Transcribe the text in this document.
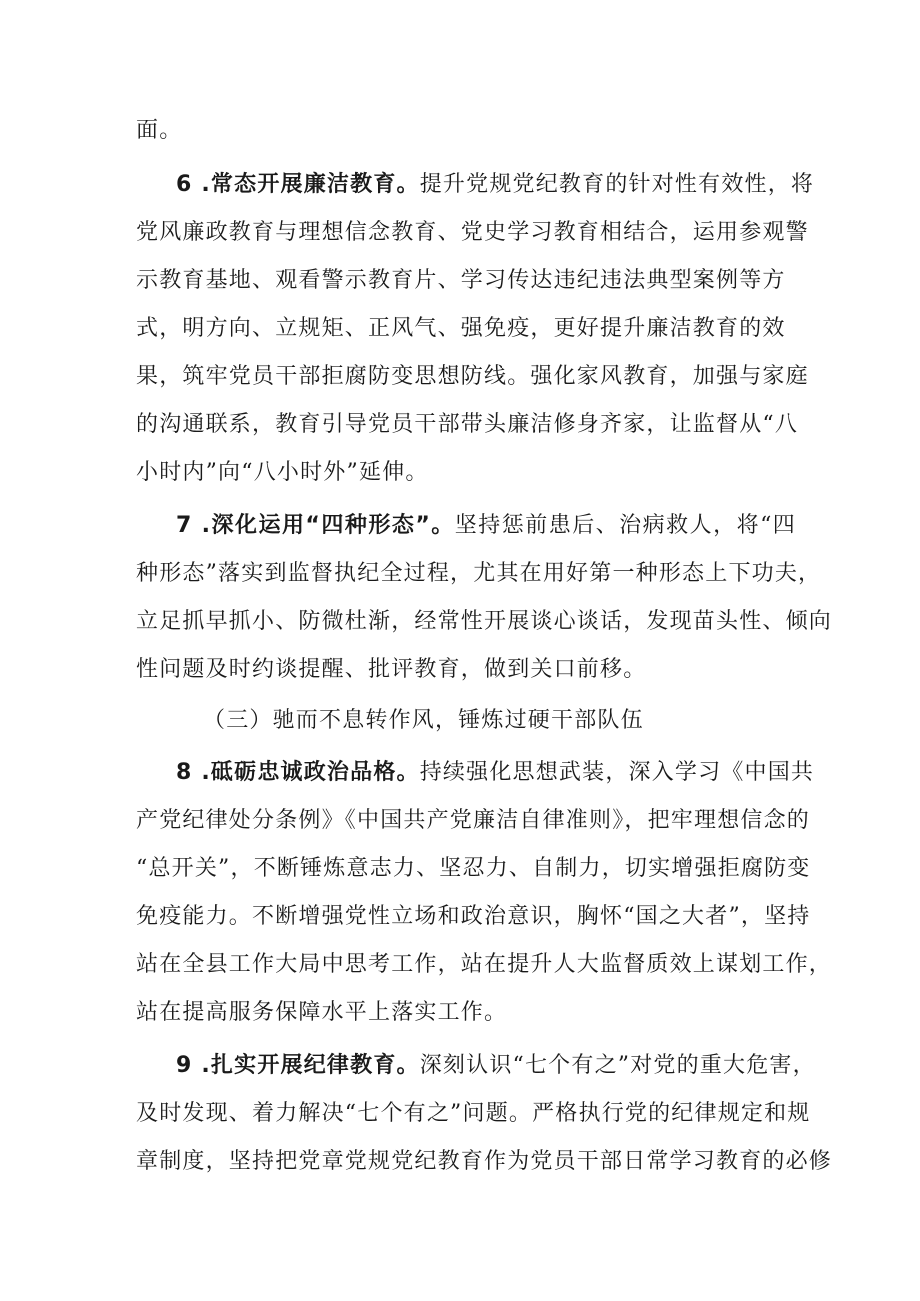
面。
6 .常态开展廉洁教育。提升党规党纪教育的针对性有效性，将
党风廉政教育与理想信念教育、党史学习教育相结合，运用参观警
示教育基地、观看警示教育片、学习传达违纪违法典型案例等方
式，明方向、立规矩、正风气、强免疫，更好提升廉洁教育的效
果，筑牢党员干部拒腐防变思想防线。强化家风教育，加强与家庭
的沟通联系，教育引导党员干部带头廉洁修身齐家，让监督从“八
小时内”向“八小时外”延伸。
7 .深化运用“四种形态”。坚持惩前患后、治病救人，将“四
种形态”落实到监督执纪全过程，尤其在用好第一种形态上下功夫，
立足抓早抓小、防微杜渐，经常性开展谈心谈话，发现苗头性、倾向
性问题及时约谈提醒、批评教育，做到关口前移。
（三）驰而不息转作风，锤炼过硬干部队伍
8 .砥砺忠诚政治品格。持续强化思想武装，深入学习《中国共
产党纪律处分条例》《中国共产党廉洁自律准则》，把牢理想信念的
“总开关”，不断锤炼意志力、坚忍力、自制力，切实增强拒腐防变
免疫能力。不断增强党性立场和政治意识，胸怀“国之大者”，坚持
站在全县工作大局中思考工作，站在提升人大监督质效上谋划工作，
站在提高服务保障水平上落实工作。
9 .扎实开展纪律教育。深刻认识“七个有之”对党的重大危害，
及时发现、着力解决“七个有之”问题。严格执行党的纪律规定和规
章制度，坚持把党章党规党纪教育作为党员干部日常学习教育的必修
